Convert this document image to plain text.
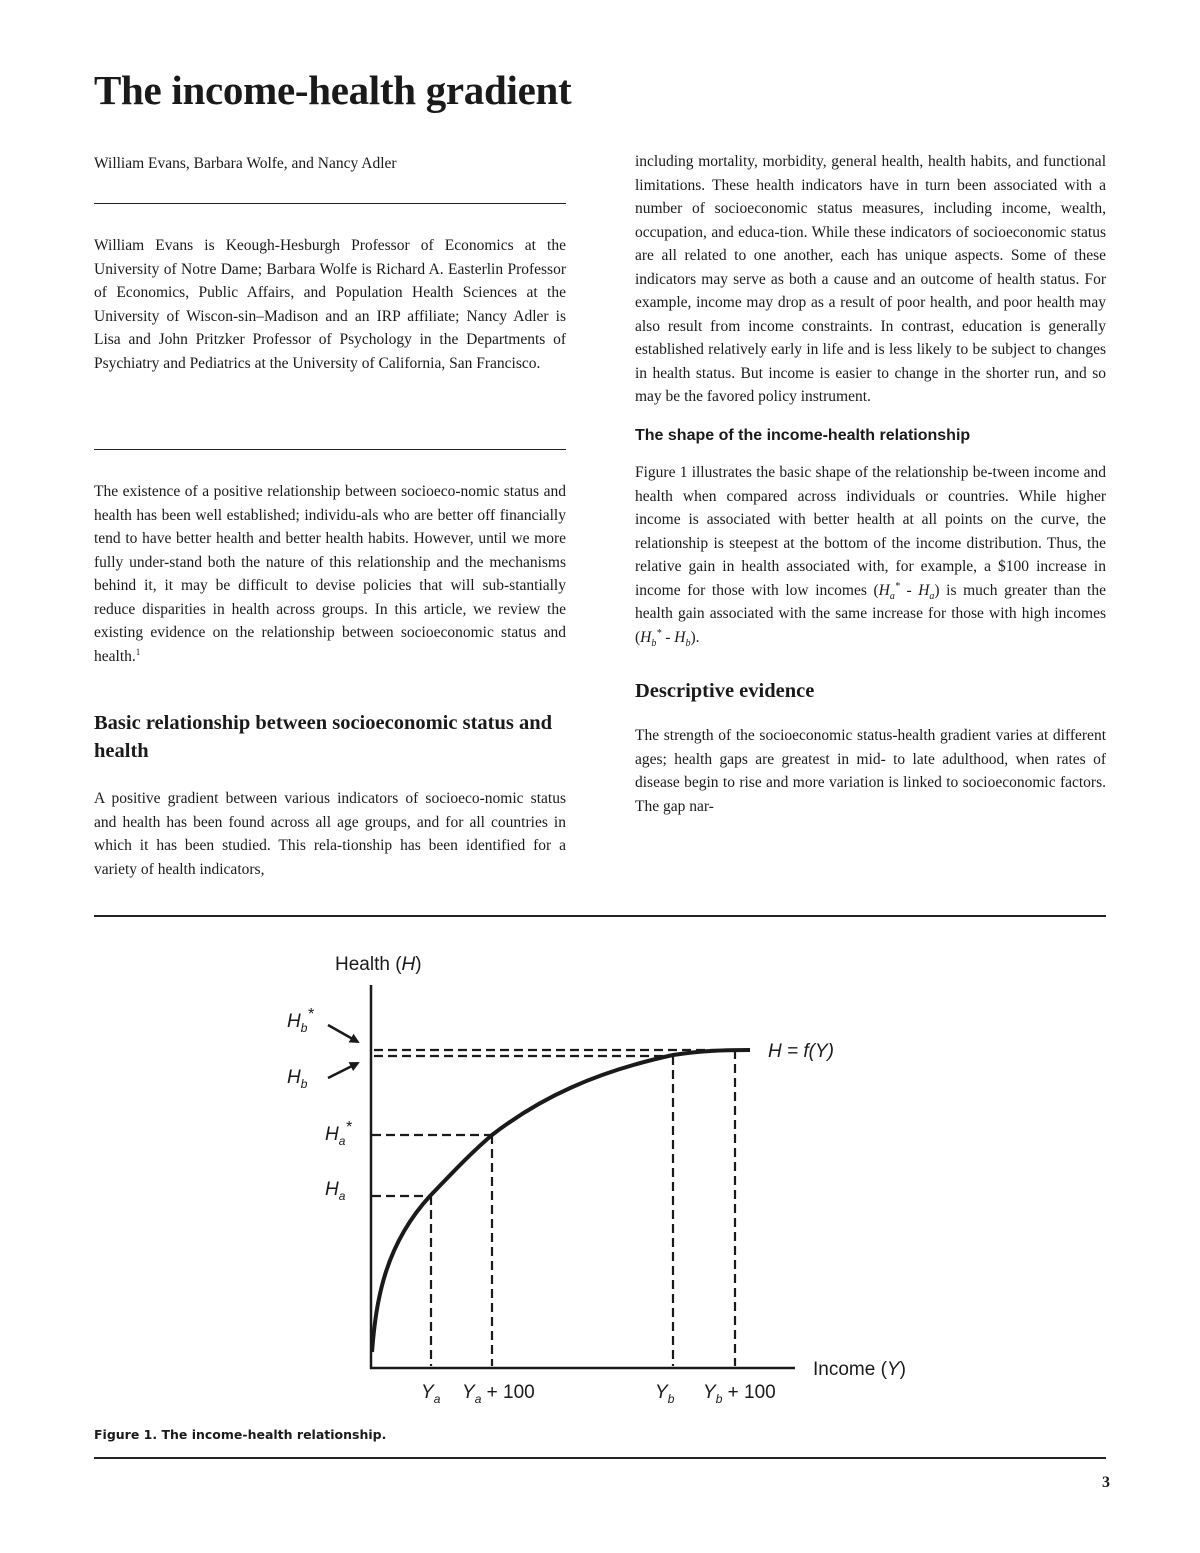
The income-health gradient
William Evans, Barbara Wolfe, and Nancy Adler

William Evans is Keough-Hesburgh Professor of Economics at the University of Notre Dame; Barbara Wolfe is Richard A. Easterlin Professor of Economics, Public Affairs, and Population Health Sciences at the University of Wiscon-sin–Madison and an IRP affiliate; Nancy Adler is Lisa and John Pritzker Professor of Psychology in the Departments of Psychiatry and Pediatrics at the University of California, San Francisco.

The existence of a positive relationship between socioeco-nomic status and health has been well established; individu-als who are better off financially tend to have better health and better health habits. However, until we more fully under-stand both the nature of this relationship and the mechanisms behind it, it may be difficult to devise policies that will sub-stantially reduce disparities in health across groups. In this article, we review the existing evidence on the relationship between socioeconomic status and health.$^1$

Basic relationship between socioeconomic status and health

A positive gradient between various indicators of socioeco-nomic status and health has been found across all age groups, and for all countries in which it has been studied. This rela-tionship has been identified for a variety of health indicators,

including mortality, morbidity, general health, health habits, and functional limitations. These health indicators have in turn been associated with a number of socioeconomic status measures, including income, wealth, occupation, and educa-tion. While these indicators of socioeconomic status are all related to one another, each has unique aspects. Some of these indicators may serve as both a cause and an outcome of health status. For example, income may drop as a result of poor health, and poor health may also result from income constraints. In contrast, education is generally established relatively early in life and is less likely to be subject to changes in health status. But income is easier to change in the shorter run, and so may be the favored policy instrument.

The shape of the income-health relationship

Figure 1 illustrates the basic shape of the relationship be-tween income and health when compared across individuals or countries. While higher income is associated with better health at all points on the curve, the relationship is steepest at the bottom of the income distribution. Thus, the relative gain in health associated with, for example, a $100 increase in income for those with low incomes $(H_a^* - H_a)$ is much greater than the health gain associated with the same increase for those with high incomes $(H_b^* - H_b)$.

Descriptive evidence

The strength of the socioeconomic status-health gradient varies at different ages; health gaps are greatest in mid- to late adulthood, when rates of disease begin to rise and more variation is linked to socioeconomic factors. The gap nar-

Health (H)
Income (Y)
H = f(Y)
$H_b^*$
$H_b$
$H_a^*$
$H_a$
$Y_a$ $Y_a + 100$	$Y_b$ $Y_b + 100$

Figure 1. The income-health relationship.

3
